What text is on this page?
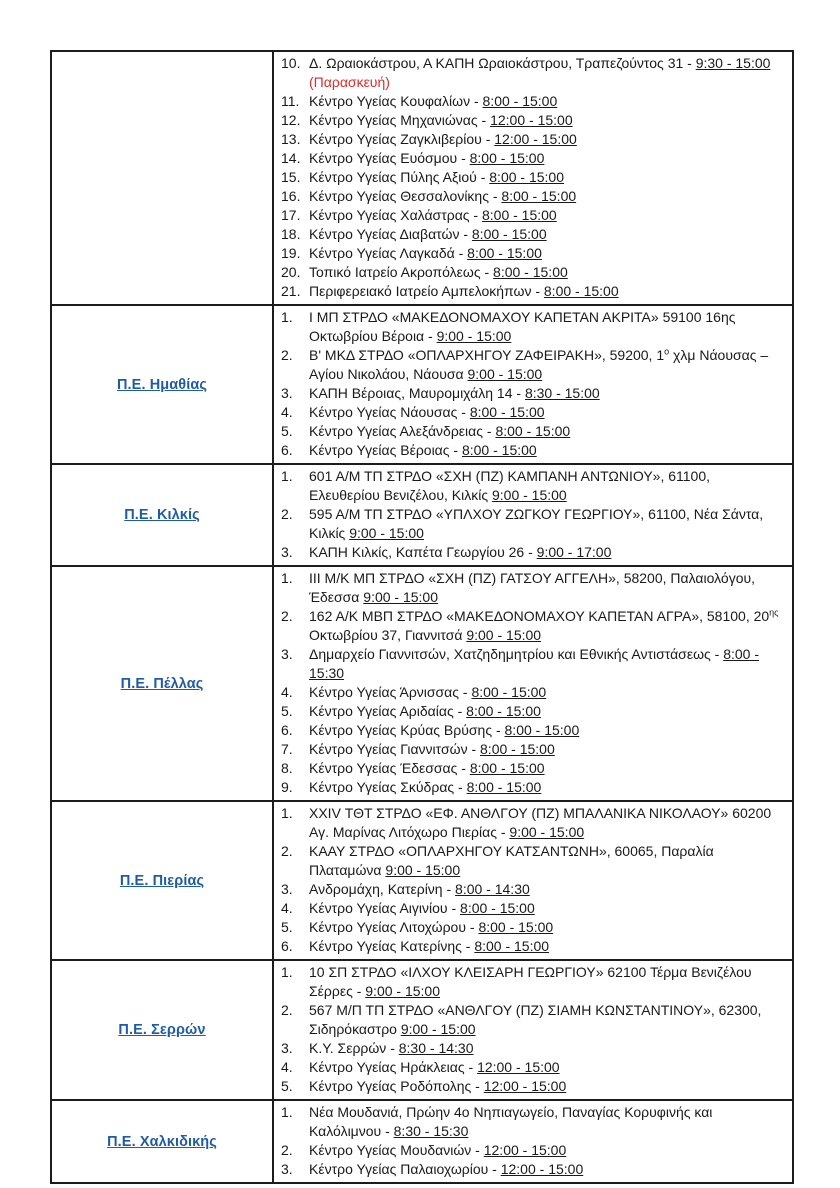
10. Δ. Ωραιοκάστρου, Α ΚΑΠΗ Ωραιοκάστρου, Τραπεζούντος 31 - 9:30 - 15:00 (Παρασκευή)
11. Κέντρο Υγείας Κουφαλίων - 8:00 - 15:00
12. Κέντρο Υγείας Μηχανιώνας - 12:00 - 15:00
13. Κέντρο Υγείας Ζαγκλιβερίου - 12:00 - 15:00
14. Κέντρο Υγείας Ευόσμου - 8:00 - 15:00
15. Κέντρο Υγείας Πύλης Αξιού - 8:00 - 15:00
16. Κέντρο Υγείας Θεσσαλονίκης - 8:00 - 15:00
17. Κέντρο Υγείας Χαλάστρας - 8:00 - 15:00
18. Κέντρο Υγείας Διαβατών - 8:00 - 15:00
19. Κέντρο Υγείας Λαγκαδά - 8:00 - 15:00
20. Τοπικό Ιατρείο Ακροπόλεως - 8:00 - 15:00
21. Περιφερειακό Ιατρείο Αμπελοκήπων - 8:00 - 15:00

Π.Ε. Ημαθίας	
1.	Ι ΜΠ ΣΤΡΔΟ «ΜΑΚΕΔΟΝΟΜΑΧΟΥ ΚΑΠΕΤΑΝ ΑΚΡΙΤΑ» 59100 16ης Οκτωβρίου Βέροια - 9:00 - 15:00
2.	Β' ΜΚΔ ΣΤΡΔΟ «ΟΠΛΑΡΧΗΓΟΥ ΖΑΦΕΙΡΑΚΗ», 59200, $1^o$ χλμ Νάουσας – Αγίου Νικολάου, Νάουσα 9:00 - 15:00
3.	ΚΑΠΗ Βέροιας, Μαυρομιχάλη 14 - 8:30 - 15:00
4.	Κέντρο Υγείας Νάουσας - 8:00 - 15:00
5.	Κέντρο Υγείας Αλεξάνδρειας - 8:00 - 15:00
6.	Κέντρο Υγείας Βέροιας - 8:00 - 15:00

Π.Ε. Κιλκίς	
1.	601 Α/Μ ΤΠ ΣΤΡΔΟ «ΣΧΗ (ΠΖ) ΚΑΜΠΑΝΗ ΑΝΤΩΝΙΟΥ», 61100, Ελευθερίου Βενιζέλου, Κιλκίς 9:00 - 15:00
2.	595 Α/Μ ΤΠ ΣΤΡΔΟ «ΥΠΛΧΟΥ ΖΩΓΚΟΥ ΓΕΩΡΓΙΟΥ», 61100, Νέα Σάντα, Κιλκίς 9:00 - 15:00
3.	ΚΑΠΗ Κιλκίς, Καπέτα Γεωργίου 26 - 9:00 - 17:00

Π.Ε. Πέλλας	
1.	ΙΙΙ Μ/Κ ΜΠ ΣΤΡΔΟ «ΣΧΗ (ΠΖ) ΓΑΤΣΟΥ ΑΓΓΕΛΗ», 58200, Παλαιολόγου, Έδεσσα 9:00 - 15:00
2.	162 Α/Κ ΜΒΠ ΣΤΡΔΟ «ΜΑΚΕΔΟΝΟΜΑΧΟΥ ΚΑΠΕΤΑΝ ΑΓΡΑ», 58100, $20^{\eta\varsigma}$ Οκτωβρίου 37, Γιαννιτσά 9:00 - 15:00
3.	Δημαρχείο Γιαννιτσών, Χατζηδημητρίου και Εθνικής Αντιστάσεως - 8:00 - 15:30
4.	Κέντρο Υγείας Άρνισσας - 8:00 - 15:00
5.	Κέντρο Υγείας Αριδαίας - 8:00 - 15:00
6.	Κέντρο Υγείας Κρύας Βρύσης - 8:00 - 15:00
7.	Κέντρο Υγείας Γιαννιτσών - 8:00 - 15:00
8.	Κέντρο Υγείας Έδεσσας - 8:00 - 15:00
9.	Κέντρο Υγείας Σκύδρας - 8:00 - 15:00

Π.Ε. Πιερίας	
1.	XXIV ΤΘΤ ΣΤΡΔΟ «ΕΦ. ΑΝΘΛΓΟΥ (ΠΖ) ΜΠΑΛΑΝΙΚΑ ΝΙΚΟΛΑΟΥ» 60200 Αγ. Μαρίνας Λιτόχωρο Πιερίας - 9:00 - 15:00
2.	ΚΑΑΥ ΣΤΡΔΟ «ΟΠΛΑΡΧΗΓΟΥ ΚΑΤΣΑΝΤΩΝΗ», 60065, Παραλία Πλαταμώνα 9:00 - 15:00
3.	Ανδρομάχη, Κατερίνη - 8:00 - 14:30
4.	Κέντρο Υγείας Αιγινίου - 8:00 - 15:00
5.	Κέντρο Υγείας Λιτοχώρου - 8:00 - 15:00
6.	Κέντρο Υγείας Κατερίνης - 8:00 - 15:00

Π.Ε. Σερρών	
1.	10 ΣΠ ΣΤΡΔΟ «ΙΛΧΟΥ ΚΛΕΙΣΑΡΗ ΓΕΩΡΓΙΟΥ» 62100 Τέρμα Βενιζέλου Σέρρες - 9:00 - 15:00
2.	567 Μ/Π ΤΠ ΣΤΡΔΟ «ΑΝΘΛΓΟΥ (ΠΖ) ΣΙΑΜΗ ΚΩΝΣΤΑΝΤΙΝΟΥ», 62300, Σιδηρόκαστρο 9:00 - 15:00
3.	Κ.Υ. Σερρών - 8:30 - 14:30
4.	Κέντρο Υγείας Ηράκλειας - 12:00 - 15:00
5.	Κέντρο Υγείας Ροδόπολης - 12:00 - 15:00

Π.Ε. Χαλκιδικής	
1.	Νέα Μουδανιά, Πρώην 4ο Νηπιαγωγείο, Παναγίας Κορυφινής και Καλόλιμνου - 8:30 - 15:30
2.	Κέντρο Υγείας Μουδανιών - 12:00 - 15:00
3.	Κέντρο Υγείας Παλαιοχωρίου - 12:00 - 15:00
